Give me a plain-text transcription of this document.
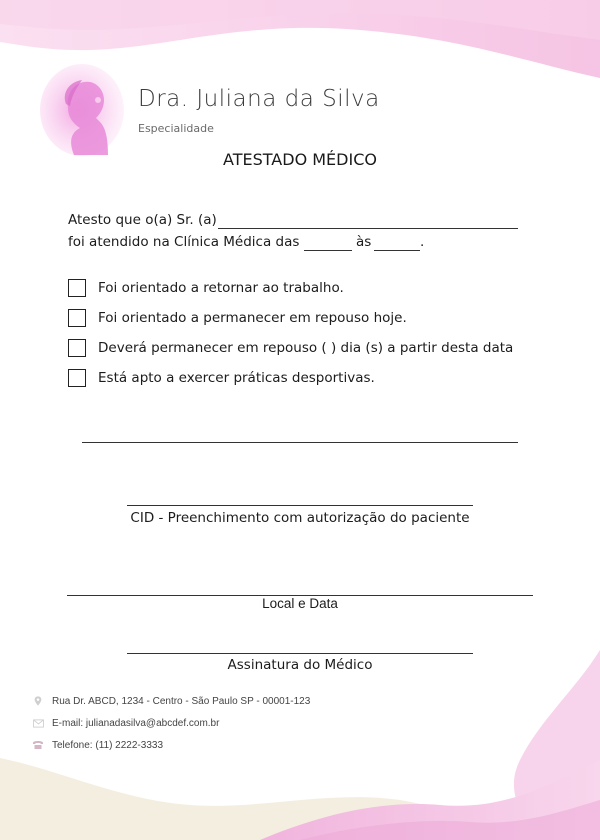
Dra. Juliana da Silva
Especialidade
ATESTADO MÉDICO
Atesto que o(a) Sr. (a)
foi atendido na Clínica Médica das	às	.
Foi orientado a retornar ao trabalho.
Foi orientado a permanecer em repouso hoje.
Deverá permanecer em repouso ( ) dia (s) a partir desta data
Está apto a exercer práticas desportivas.
CID - Preenchimento com autorização do paciente
Local e Data
Assinatura do Médico
Rua Dr. ABCD, 1234 - Centro - São Paulo SP - 00001-123
E-mail: julianadasilva@abcdef.com.br
Telefone: (11) 2222-3333
